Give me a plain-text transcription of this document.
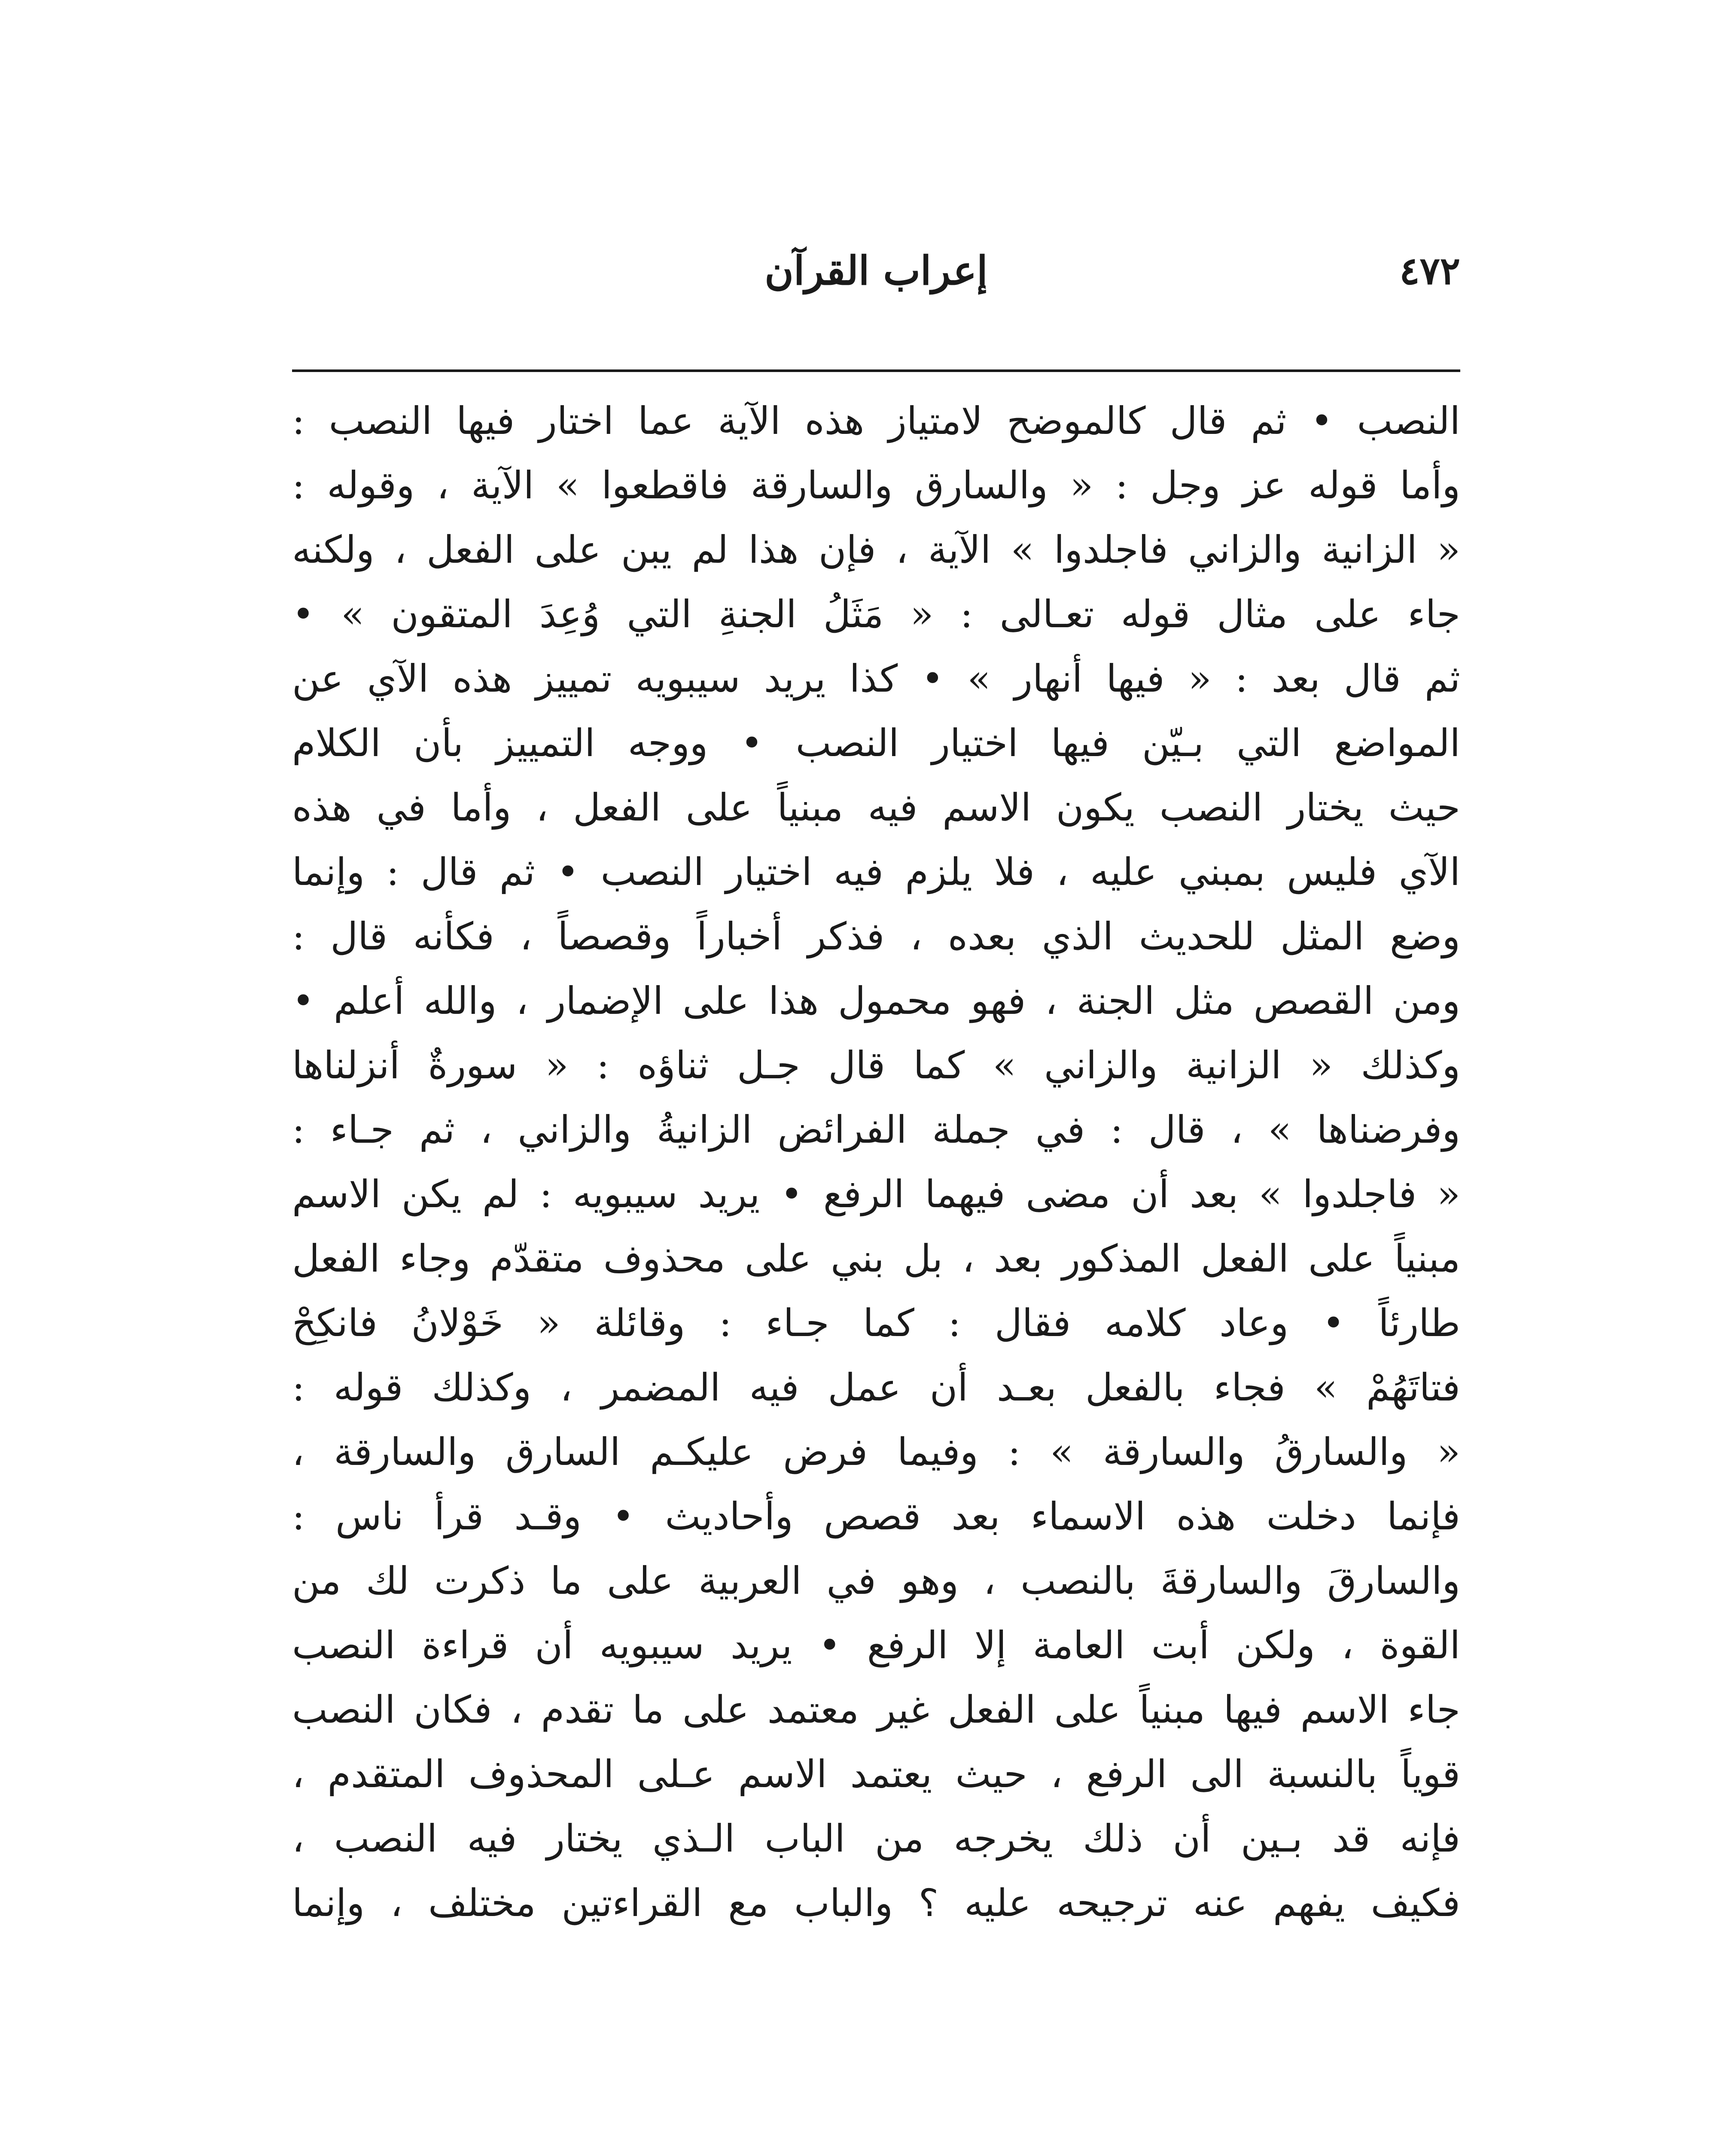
٤٧٢
إعراب القرآن
النصب • ثم قال كالموضح لامتياز هذه الآية عما اختار فيها النصب :
وأما قوله عز وجل : « والسارق والسارقة فاقطعوا » الآية ، وقوله :
« الزانية والزاني فاجلدوا » الآية ، فإن هذا لم يبن على الفعل ، ولكنه
جاء على مثال قوله تعـالى : « مَثَلُ الجنةِ التي وُعِدَ المتقون » •
ثم قال بعد : « فيها أنهار » • كذا يريد سيبويه تمييز هذه الآي عن
المواضع التي بـيّن فيها اختيار النصب • ووجه التمييز بأن الكلام
حيث يختار النصب يكون الاسم فيه مبنياً على الفعل ، وأما في هذه
الآي فليس بمبني عليه ، فلا يلزم فيه اختيار النصب • ثم قال : وإنما
وضع المثل للحديث الذي بعده ، فذكر أخباراً وقصصاً ، فكأنه قال :
ومن القصص مثل الجنة ، فهو محمول هذا على الإضمار ، والله أعلم •
وكذلك « الزانية والزاني » كما قال جـل ثناؤه : « سورةٌ أنزلناها
وفرضناها » ، قال : في جملة الفرائض الزانيةُ والزاني ، ثم جـاء :
« فاجلدوا » بعد أن مضى فيهما الرفع • يريد سيبويه : لم يكن الاسم
مبنياً على الفعل المذكور بعد ، بل بني على محذوف متقدّم وجاء الفعل
طارئاً • وعاد كلامه فقال : كما جـاء : وقائلة « خَوْلانُ فانكِحْ
فتاتَهُمْ » فجاء بالفعل بعـد أن عمل فيه المضمر ، وكذلك قوله :
« والسارقُ والسارقة » : وفيما فرض عليكـم السارق والسارقة ،
فإنما دخلت هذه الاسماء بعد قصص وأحاديث • وقـد قرأ ناس :
والسارقَ والسارقةَ بالنصب ، وهو في العربية على ما ذكرت لك من
القوة ، ولكن أبت العامة إلا الرفع • يريد سيبويه أن قراءة النصب
جاء الاسم فيها مبنياً على الفعل غير معتمد على ما تقدم ، فكان النصب
قوياً بالنسبة الى الرفع ، حيث يعتمد الاسم عـلى المحذوف المتقدم ،
فإنه قد بـين أن ذلك يخرجه من الباب الـذي يختار فيه النصب ،
فكيف يفهم عنه ترجيحه عليه ؟ والباب مع القراءتين مختلف ، وإنما
